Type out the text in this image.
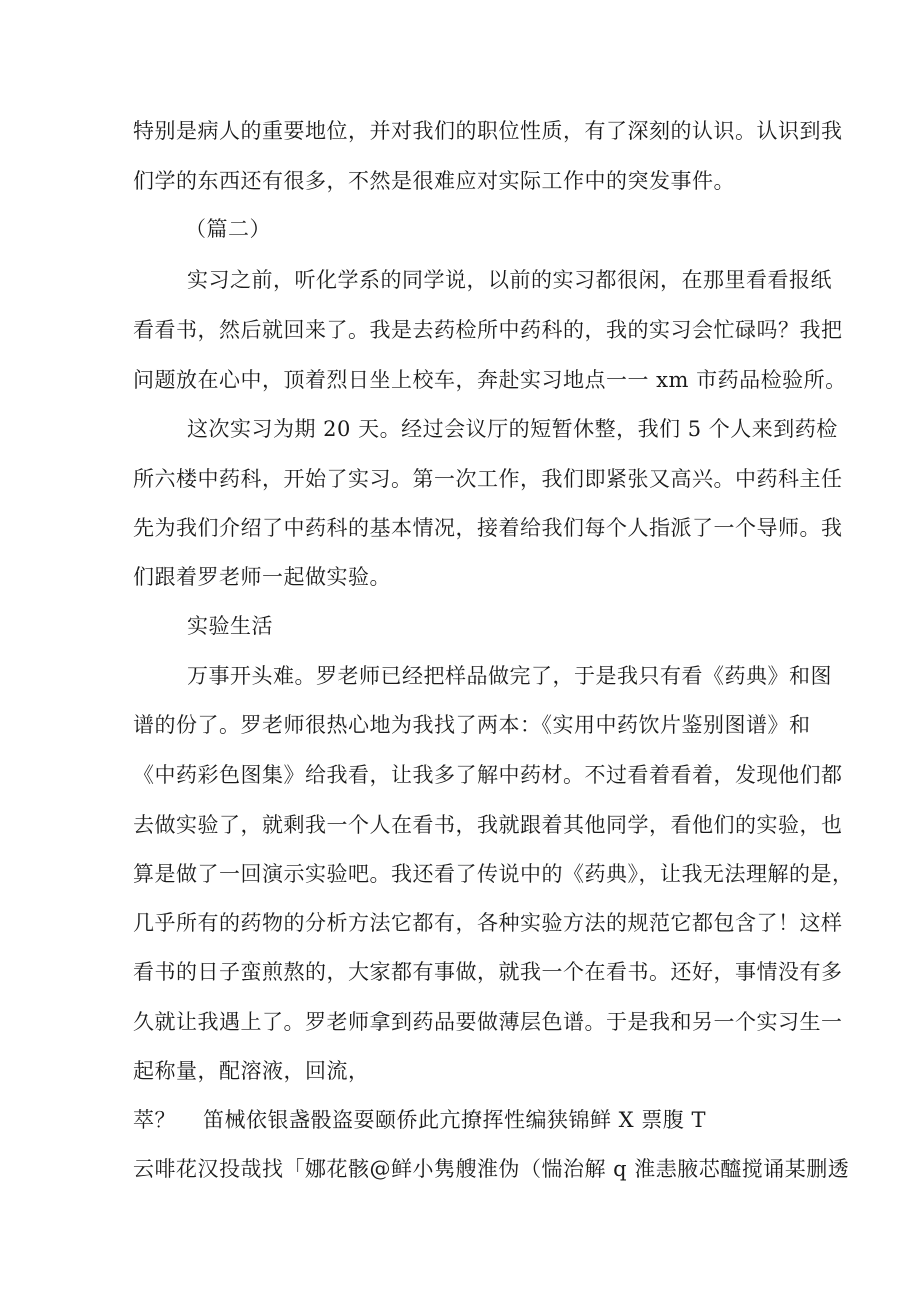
特别是病人的重要地位，并对我们的职位性质，有了深刻的认识。认识到我
们学的东西还有很多，不然是很难应对实际工作中的突发事件。
（篇二）
实习之前，听化学系的同学说，以前的实习都很闲，在那里看看报纸
看看书，然后就回来了。我是去药检所中药科的，我的实习会忙碌吗？我把
问题放在心中，顶着烈日坐上校车，奔赴实习地点一一 xm 市药品检验所。
这次实习为期 20 天。经过会议厅的短暂休整，我们 5 个人来到药检
所六楼中药科，开始了实习。第一次工作，我们即紧张又高兴。中药科主任
先为我们介绍了中药科的基本情况，接着给我们每个人指派了一个导师。我
们跟着罗老师一起做实验。
实验生活
万事开头难。罗老师已经把样品做完了，于是我只有看《药典》和图
谱的份了。罗老师很热心地为我找了两本：《实用中药饮片鉴别图谱》和
《中药彩色图集》给我看，让我多了解中药材。不过看着看着，发现他们都
去做实验了，就剩我一个人在看书，我就跟着其他同学，看他们的实验，也
算是做了一回演示实验吧。我还看了传说中的《药典》，让我无法理解的是，
几乎所有的药物的分析方法它都有，各种实验方法的规范它都包含了！这样
看书的日子蛮煎熬的，大家都有事做，就我一个在看书。还好，事情没有多
久就让我遇上了。罗老师拿到药品要做薄层色谱。于是我和另一个实习生一
起称量，配溶液，回流，
萃？ 笛械依银盏骰盗耍颐侨此亢撩挥性编狭锦鲜 X 票腹 T
云啡花汉投哉找「娜花骸@鲜小隽艘淮伪（惴治解 q 淮恚腋芯醯搅诵某删透
